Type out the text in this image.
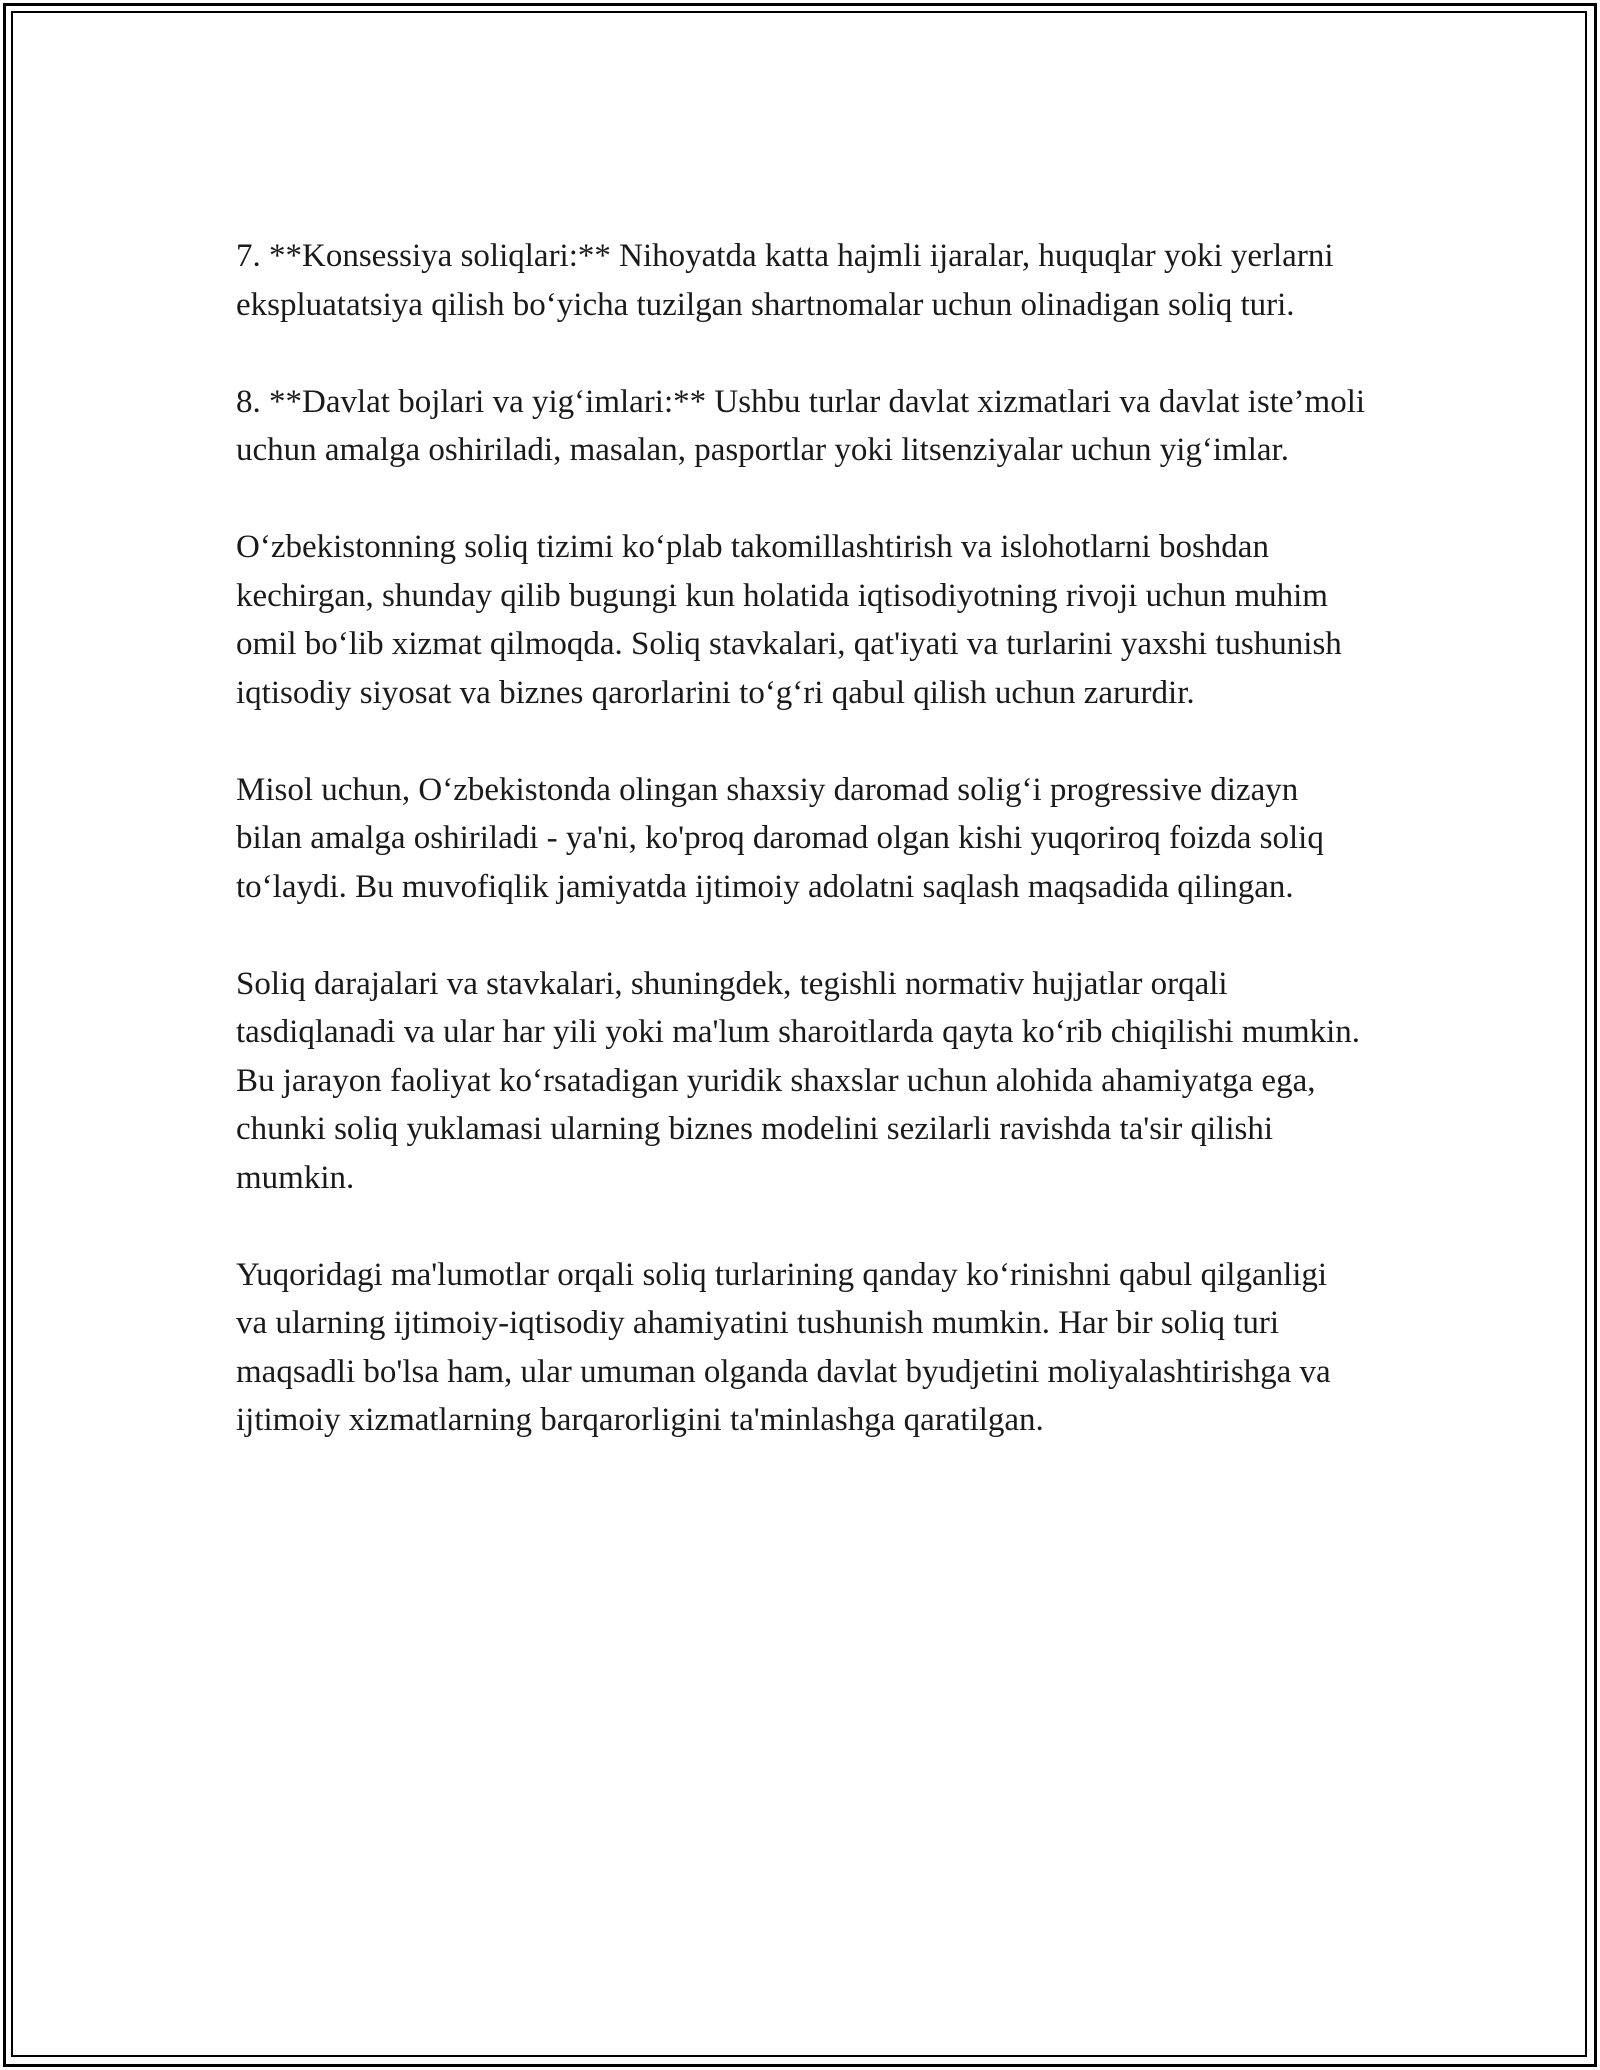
7. **Konsessiya soliqlari:** Nihoyatda katta hajmli ijaralar, huquqlar yoki yerlarni ekspluatatsiya qilish bo‘yicha tuzilgan shartnomalar uchun olinadigan soliq turi.

8. **Davlat bojlari va yig‘imlari:** Ushbu turlar davlat xizmatlari va davlat iste’moli uchun amalga oshiriladi, masalan, pasportlar yoki litsenziyalar uchun yig‘imlar.

O‘zbekistonning soliq tizimi ko‘plab takomillashtirish va islohotlarni boshdan kechirgan, shunday qilib bugungi kun holatida iqtisodiyotning rivoji uchun muhim omil bo‘lib xizmat qilmoqda. Soliq stavkalari, qat'iyati va turlarini yaxshi tushunish iqtisodiy siyosat va biznes qarorlarini to‘g‘ri qabul qilish uchun zarurdir.

Misol uchun, O‘zbekistonda olingan shaxsiy daromad solig‘i progressive dizayn bilan amalga oshiriladi - ya'ni, ko'proq daromad olgan kishi yuqoriroq foizda soliq to‘laydi. Bu muvofiqlik jamiyatda ijtimoiy adolatni saqlash maqsadida qilingan.

Soliq darajalari va stavkalari, shuningdek, tegishli normativ hujjatlar orqali tasdiqlanadi va ular har yili yoki ma'lum sharoitlarda qayta ko‘rib chiqilishi mumkin. Bu jarayon faoliyat ko‘rsatadigan yuridik shaxslar uchun alohida ahamiyatga ega, chunki soliq yuklamasi ularning biznes modelini sezilarli ravishda ta'sir qilishi mumkin.

Yuqoridagi ma'lumotlar orqali soliq turlarining qanday ko‘rinishni qabul qilganligi va ularning ijtimoiy-iqtisodiy ahamiyatini tushunish mumkin. Har bir soliq turi maqsadli bo'lsa ham, ular umuman olganda davlat byudjetini moliyalashtirishga va ijtimoiy xizmatlarning barqarorligini ta'minlashga qaratilgan.
